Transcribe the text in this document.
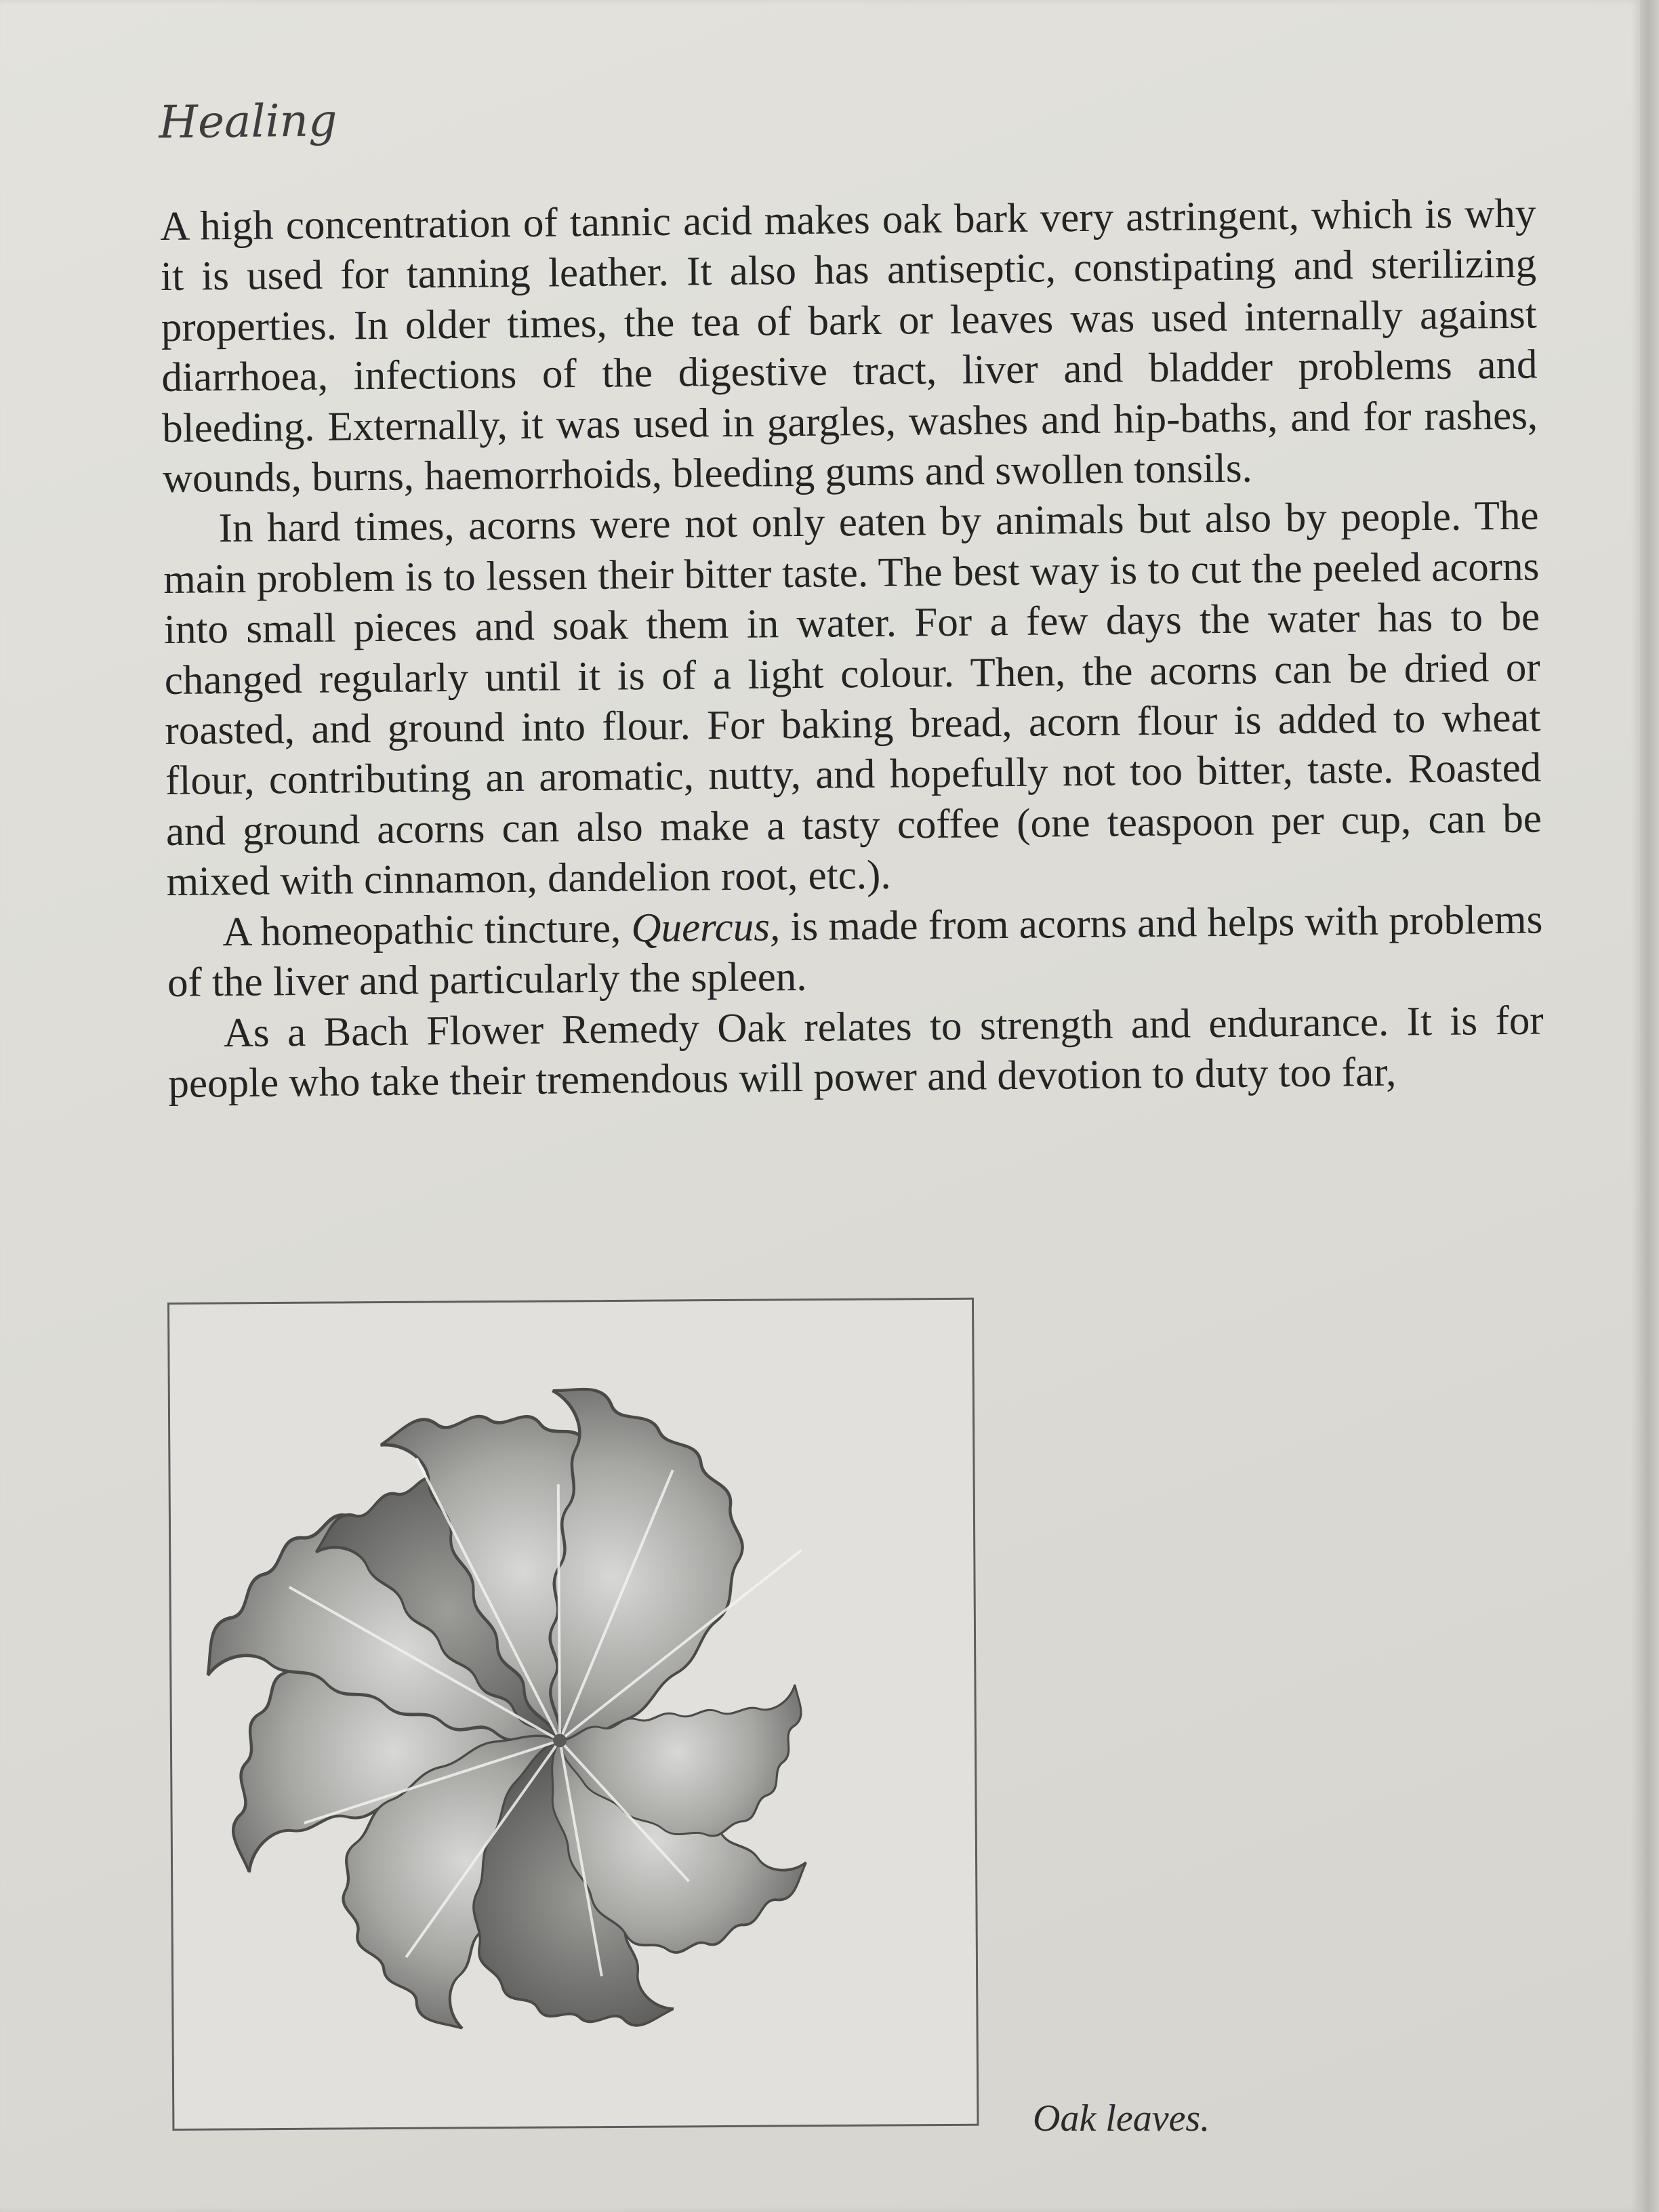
Healing

A high concentration of tannic acid makes oak bark very astringent, which is why it is used for tanning leather. It also has antiseptic, constipating and sterilizing properties. In older times, the tea of bark or leaves was used internally against diarrhoea, infections of the digestive tract, liver and bladder problems and bleeding. Externally, it was used in gargles, washes and hip-baths, and for rashes, wounds, burns, haemorrhoids, bleeding gums and swollen tonsils.

In hard times, acorns were not only eaten by animals but also by people. The main problem is to lessen their bitter taste. The best way is to cut the peeled acorns into small pieces and soak them in water. For a few days the water has to be changed regularly until it is of a light colour. Then, the acorns can be dried or roasted, and ground into flour. For baking bread, acorn flour is added to wheat flour, contributing an aromatic, nutty, and hopefully not too bitter, taste. Roasted and ground acorns can also make a tasty coffee (one teaspoon per cup, can be mixed with cinnamon, dandelion root, etc.).

A homeopathic tincture, Quercus, is made from acorns and helps with problems of the liver and particularly the spleen.

As a Bach Flower Remedy Oak relates to strength and endurance. It is for people who take their tremendous will power and devotion to duty too far,

Oak leaves.
